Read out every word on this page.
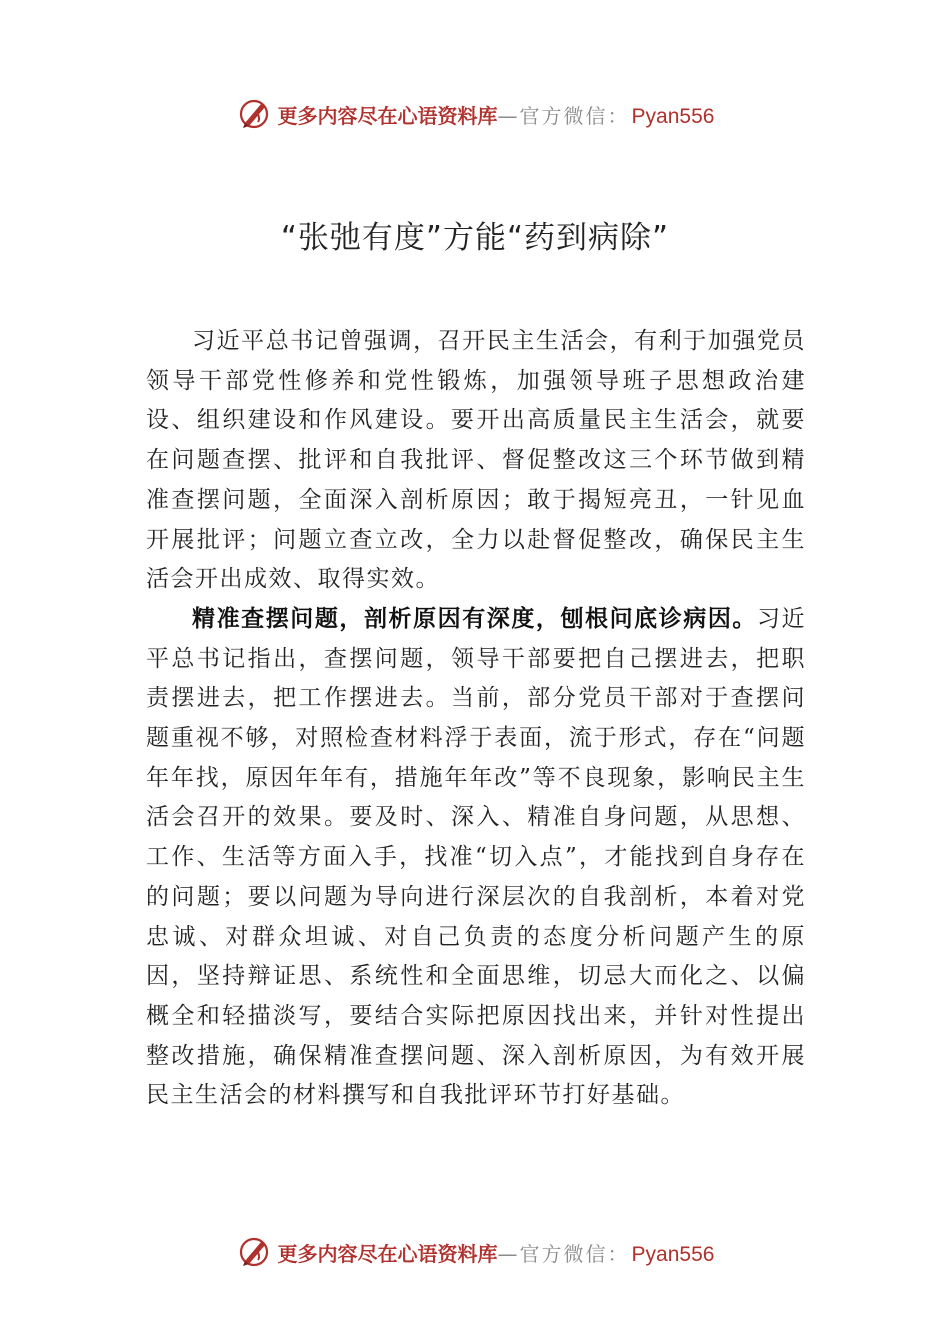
更多内容尽在心语资料库 —官方微信： Pyan556
“张弛有度”方能“药到病除”

习近平总书记曾强调，召开民主生活会，有利于加强党员领导干部党性修养和党性锻炼，加强领导班子思想政治建设、组织建设和作风建设。要开出高质量民主生活会，就要在问题查摆、批评和自我批评、督促整改这三个环节做到精准查摆问题，全面深入剖析原因；敢于揭短亮丑，一针见血开展批评；问题立查立改，全力以赴督促整改，确保民主生活会开出成效、取得实效。

精准查摆问题，剖析原因有深度，刨根问底诊病因。习近平总书记指出，查摆问题，领导干部要把自己摆进去，把职责摆进去，把工作摆进去。当前，部分党员干部对于查摆问题重视不够，对照检查材料浮于表面，流于形式，存在“问题年年找，原因年年有，措施年年改”等不良现象，影响民主生活会召开的效果。要及时、深入、精准自身问题，从思想、工作、生活等方面入手，找准“切入点”，才能找到自身存在的问题；要以问题为导向进行深层次的自我剖析，本着对党忠诚、对群众坦诚、对自己负责的态度分析问题产生的原因，坚持辩证思、系统性和全面思维，切忌大而化之、以偏概全和轻描淡写，要结合实际把原因找出来，并针对性提出整改措施，确保精准查摆问题、深入剖析原因，为有效开展民主生活会的材料撰写和自我批评环节打好基础。

更多内容尽在心语资料库 —官方微信： Pyan556
